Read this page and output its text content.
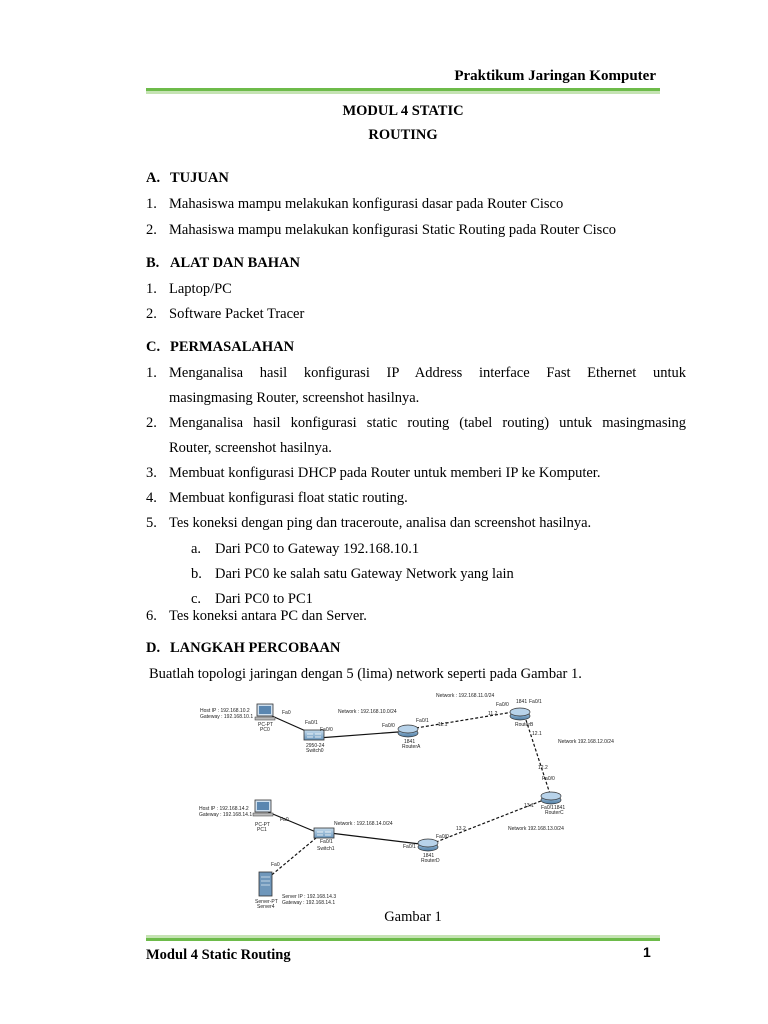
Praktikum Jaringan Komputer
MODUL 4 STATIC
ROUTING
A. TUJUAN
1. Mahasiswa mampu melakukan konfigurasi dasar pada Router Cisco
2. Mahasiswa mampu melakukan konfigurasi Static Routing pada Router Cisco
B. ALAT DAN BAHAN
1. Laptop/PC
2. Software Packet Tracer
C. PERMASALAHAN
1. Menganalisa hasil konfigurasi IP Address interface Fast Ethernet untuk
masingmasing Router, screenshot hasilnya.
2. Menganalisa hasil konfigurasi static routing (tabel routing) untuk masingmasing
Router, screenshot hasilnya.
3. Membuat konfigurasi DHCP pada Router untuk memberi IP ke Komputer.
4. Membuat konfigurasi float static routing.
5. Tes koneksi dengan ping dan traceroute, analisa dan screenshot hasilnya.
a. Dari PC0 to Gateway 192.168.10.1
b. Dari PC0 ke salah satu Gateway Network yang lain
c. Dari PC0 to PC1
6. Tes koneksi antara PC dan Server.
D. LANGKAH PERCOBAAN
Buatlah topologi jaringan dengan 5 (lima) network seperti pada Gambar 1.
Host IP : 192.168.10.2
Gateway : 192.168.10.1
PC-PT
PC0
Fa0
Fa0/1
Fa0/0
2950-24
Switch0
Network : 192.168.10.0/24
Fa0/0
Fa0/1
11.1
1841
RouterA
Network : 192.168.11.0/24
Fa0/0
11.2
1841 Fa0/1
RouterB
12.1
Network 192.168.12.0/24
12.2
Fa0/0
Fa0/1 1841
RouterC
13.1
Network 192.168.13.0/24
Host IP : 192.168.14.2
Gateway : 192.168.14.1
PC-PT
PC1
Fa0
Network : 192.168.14.0/24
Fa0/1
Switch1
13.2
Fa0/1
Fa0/0
1841
RouterD
Fa0
Server-PT
Server4
Server IP : 192.168.14.3
Gateway : 192.168.14.1
Gambar 1
Modul 4 Static Routing	1
